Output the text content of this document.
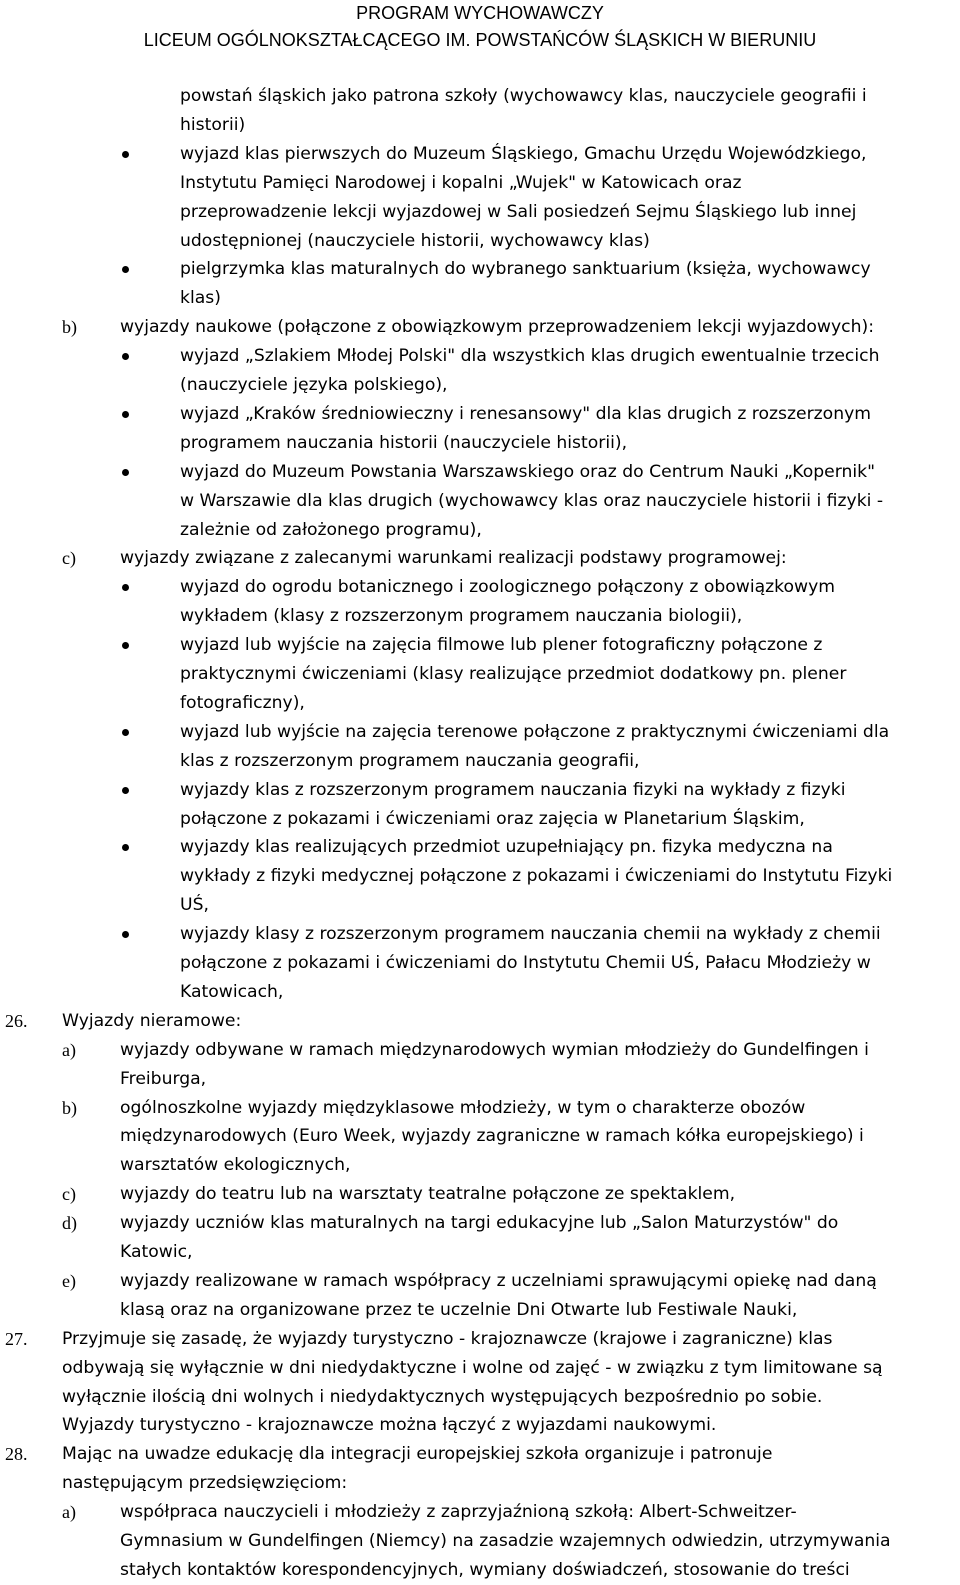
PROGRAM WYCHOWAWCZY
LICEUM OGÓLNOKSZTAŁCĄCEGO IM. POWSTAŃCÓW ŚLĄSKICH W BIERUNIU
powstań śląskich jako patrona szkoły (wychowawcy klas, nauczyciele geografii i
historii)
wyjazd klas pierwszych do Muzeum Śląskiego, Gmachu Urzędu Wojewódzkiego,
Instytutu Pamięci Narodowej i kopalni „Wujek" w Katowicach oraz
przeprowadzenie lekcji wyjazdowej w Sali posiedzeń Sejmu Śląskiego lub innej
udostępnionej (nauczyciele historii, wychowawcy klas)
pielgrzymka klas maturalnych do wybranego sanktuarium (księża, wychowawcy
klas)
b)	wyjazdy naukowe (połączone z obowiązkowym przeprowadzeniem lekcji wyjazdowych):
wyjazd „Szlakiem Młodej Polski" dla wszystkich klas drugich ewentualnie trzecich
(nauczyciele języka polskiego),
wyjazd „Kraków średniowieczny i renesansowy" dla klas drugich z rozszerzonym
programem nauczania historii (nauczyciele historii),
wyjazd do Muzeum Powstania Warszawskiego oraz do Centrum Nauki „Kopernik"
w Warszawie dla klas drugich (wychowawcy klas oraz nauczyciele historii i fizyki -
zależnie od założonego programu),
c)	wyjazdy związane z zalecanymi warunkami realizacji podstawy programowej:
wyjazd do ogrodu botanicznego i zoologicznego połączony z obowiązkowym
wykładem (klasy z rozszerzonym programem nauczania biologii),
wyjazd lub wyjście na zajęcia filmowe lub plener fotograficzny połączone z
praktycznymi ćwiczeniami (klasy realizujące przedmiot dodatkowy pn. plener
fotograficzny),
wyjazd lub wyjście na zajęcia terenowe połączone z praktycznymi ćwiczeniami dla
klas z rozszerzonym programem nauczania geografii,
wyjazdy klas z rozszerzonym programem nauczania fizyki na wykłady z fizyki
połączone z pokazami i ćwiczeniami oraz zajęcia w Planetarium Śląskim,
wyjazdy klas realizujących przedmiot uzupełniający pn. fizyka medyczna na
wykłady z fizyki medycznej połączone z pokazami i ćwiczeniami do Instytutu Fizyki
UŚ,
wyjazdy klasy z rozszerzonym programem nauczania chemii na wykłady z chemii
połączone z pokazami i ćwiczeniami do Instytutu Chemii UŚ, Pałacu Młodzieży w
Katowicach,
26. Wyjazdy nieramowe:
a)	wyjazdy odbywane w ramach międzynarodowych wymian młodzieży do Gundelfingen i
Freiburga,
b)	ogólnoszkolne wyjazdy międzyklasowe młodzieży, w tym o charakterze obozów
międzynarodowych (Euro Week, wyjazdy zagraniczne w ramach kółka europejskiego) i
warsztatów ekologicznych,
c)	wyjazdy do teatru lub na warsztaty teatralne połączone ze spektaklem,
d)	wyjazdy uczniów klas maturalnych na targi edukacyjne lub „Salon Maturzystów" do
Katowic,
e)	wyjazdy realizowane w ramach współpracy z uczelniami sprawującymi opiekę nad daną
klasą oraz na organizowane przez te uczelnie Dni Otwarte lub Festiwale Nauki,
27. Przyjmuje się zasadę, że wyjazdy turystyczno - krajoznawcze (krajowe i zagraniczne) klas
odbywają się wyłącznie w dni niedydaktyczne i wolne od zajęć - w związku z tym limitowane są
wyłącznie ilością dni wolnych i niedydaktycznych występujących bezpośrednio po sobie.
Wyjazdy turystyczno - krajoznawcze można łączyć z wyjazdami naukowymi.
28. Mając na uwadze edukację dla integracji europejskiej szkoła organizuje i patronuje
następującym przedsięwzięciom:
a)	współpraca nauczycieli i młodzieży z zaprzyjaźnioną szkołą: Albert-Schweitzer-
Gymnasium w Gundelfingen (Niemcy) na zasadzie wzajemnych odwiedzin, utrzymywania
stałych kontaktów korespondencyjnych, wymiany doświadczeń, stosowanie do treści
